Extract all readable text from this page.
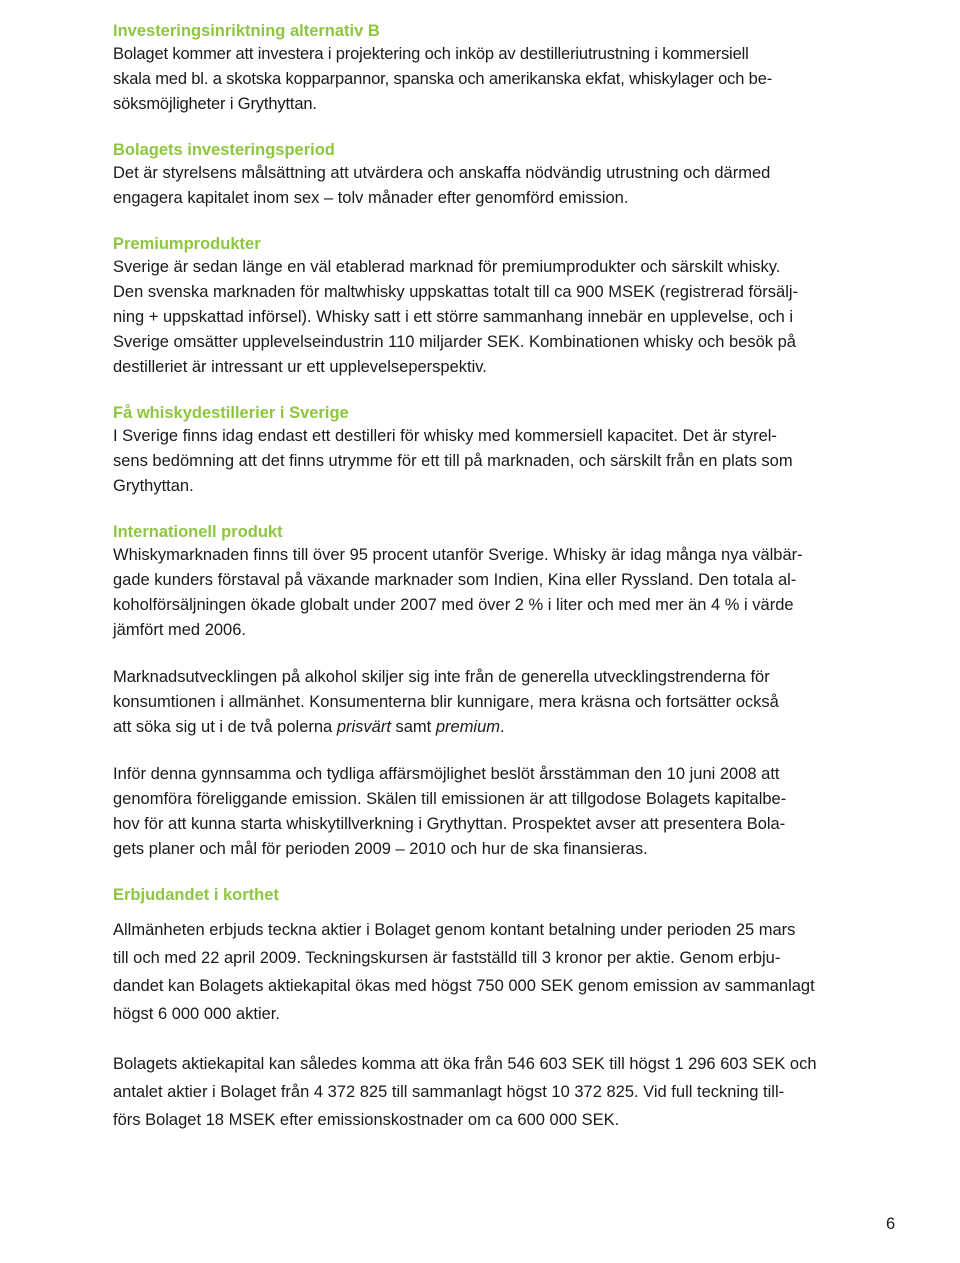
Investeringsinriktning alternativ B

Bolaget kommer att investera i projektering och inköp av destilleriutrustning i kommersiell
skala med bl. a skotska kopparpannor, spanska och amerikanska ekfat, whiskylager och be-
söksmöjligheter i Grythyttan.

Bolagets investeringsperiod

Det är styrelsens målsättning att utvärdera och anskaffa nödvändig utrustning och därmed
engagera kapitalet inom sex – tolv månader efter genomförd emission.

Premiumprodukter

Sverige är sedan länge en väl etablerad marknad för premiumprodukter och särskilt whisky.
Den svenska marknaden för maltwhisky uppskattas totalt till ca 900 MSEK (registrerad försälj-
ning + uppskattad införsel). Whisky satt i ett större sammanhang innebär en upplevelse, och i
Sverige omsätter upplevelseindustrin 110 miljarder SEK. Kombinationen whisky och besök på
destilleriet är intressant ur ett upplevelseperspektiv.

Få whiskydestillerier i Sverige

I Sverige finns idag endast ett destilleri för whisky med kommersiell kapacitet. Det är styrel-
sens bedömning att det finns utrymme för ett till på marknaden, och särskilt från en plats som
Grythyttan.

Internationell produkt

Whiskymarknaden finns till över 95 procent utanför Sverige. Whisky är idag många nya välbär-
gade kunders förstaval på växande marknader som Indien, Kina eller Ryssland. Den totala al-
koholförsäljningen ökade globalt under 2007 med över 2 % i liter och med mer än 4 % i värde
jämfört med 2006.

Marknadsutvecklingen på alkohol skiljer sig inte från de generella utvecklingstrenderna för
konsumtionen i allmänhet. Konsumenterna blir kunnigare, mera kräsna och fortsätter också
att söka sig ut i de två polerna prisvärt samt premium.

Inför denna gynnsamma och tydliga affärsmöjlighet beslöt årsstämman den 10 juni 2008 att
genomföra föreliggande emission. Skälen till emissionen är att tillgodose Bolagets kapitalbe-
hov för att kunna starta whiskytillverkning i Grythyttan. Prospektet avser att presentera Bola-
gets planer och mål för perioden 2009 – 2010 och hur de ska finansieras.

Erbjudandet i korthet

Allmänheten erbjuds teckna aktier i Bolaget genom kontant betalning under perioden 25 mars
till och med 22 april 2009. Teckningskursen är fastställd till 3 kronor per aktie. Genom erbju-
dandet kan Bolagets aktiekapital ökas med högst 750 000 SEK genom emission av sammanlagt
högst 6 000 000 aktier.

Bolagets aktiekapital kan således komma att öka från 546 603 SEK till högst 1 296 603 SEK och
antalet aktier i Bolaget från 4 372 825 till sammanlagt högst 10 372 825. Vid full teckning till-
förs Bolaget 18 MSEK efter emissionskostnader om ca 600 000 SEK.

6
